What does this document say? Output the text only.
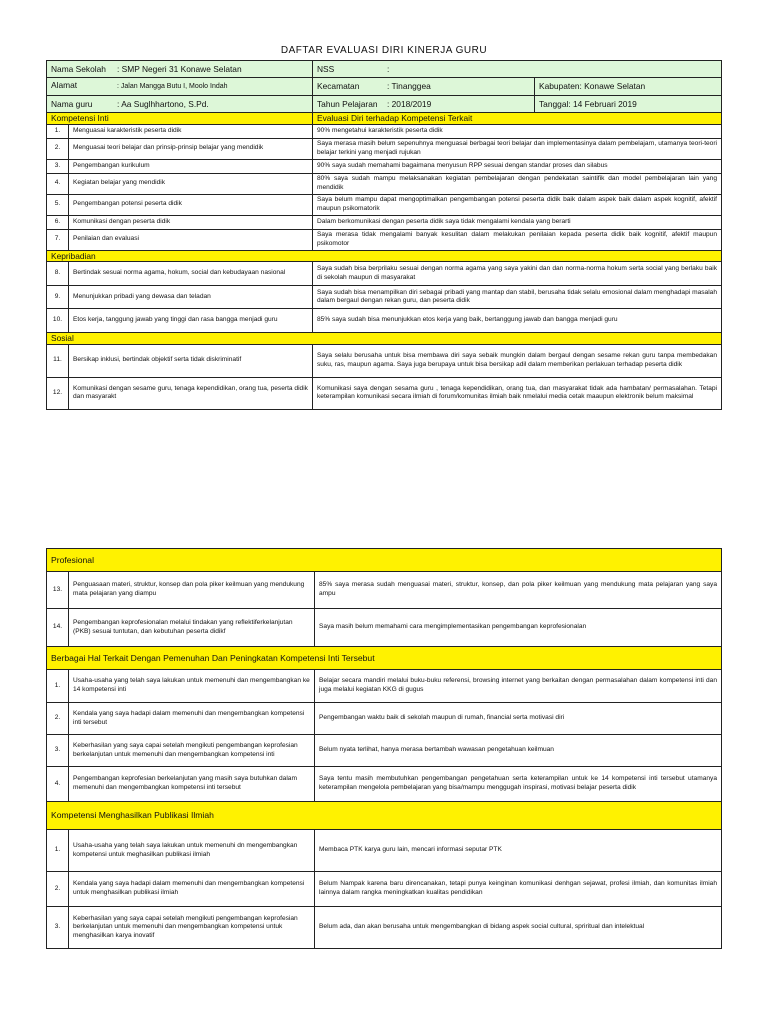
DAFTAR EVALUASI DIRI KINERJA GURU
Nama Sekolah : SMP Negeri 31 Konawe Selatan		NSS :	
Alamat : Jalan Mangga Butu I, Moolo Indah		Kecamatan : Tinanggea	Kabupaten: Konawe Selatan
Nama guru : Aa Suglhhartono, S.Pd.		Tahun Pelajaran : 2018/2019	Tanggal: 14 Februari 2019
Kompetensi Inti		Evaluasi Diri terhadap Kompetensi Terkait	
1.	Menguasai karakteristik peserta didik	90% mengetahui karakteristik peserta didik	
2.	Menguasai teori belajar dan prinsip-prinsip belajar yang mendidik	Saya merasa masih belum sepenuhnya menguasai berbagai teori belajar dan implementasinya dalam pembelajarn, utamanya teori-teori belajar terkini yang menjadi rujukan	
3.	Pengembangan kurikulum	90% saya sudah memahami bagaimana menyusun RPP sesuai dengan standar proses dan silabus	
4.	Kegiatan belajar yang mendidik	80% saya sudah mampu melaksanakan kegiatan pembelajaran dengan pendekatan saintifik dan model pembelajaran lain yang mendidik	
5.	Pengembangan potensi peserta didik	Saya belum mampu dapat mengoptimalkan pengembangan potensi peserta didik baik dalam aspek baik dalam aspek kognitif, afektif maupun psikomatorik	
6.	Komunikasi dengan peserta didik	Dalam berkomunikasi dengan peserta didik saya tidak mengalami kendala yang berarti	
7.	Penilaian dan evaluasi	Saya merasa tidak mengalami banyak kesulitan dalam melakukan penilaian kepada peserta didik baik kognitif, afektif maupun psikomotor	
Kepribadian			
8.	Bertindak sesuai norma agama, hokum, social dan kebudayaan nasional	Saya sudah bisa berprilaku sesuai dengan norma agama yang saya yakini dan dan norma-norma hokum serta social yang berlaku baik di sekolah maupun di masyarakat	
9.	Menunjukkan pribadi yang dewasa dan teladan	Saya sudah bisa menampilkan diri sebagai pribadi yang mantap dan stabil, berusaha tidak selalu emosional dalam menghadapi masalah dalam bergaul dengan rekan guru, dan peserta didik	
10.	Etos kerja, tanggung jawab yang tinggi dan rasa bangga menjadi guru	85% saya sudah bisa menunjukkan etos kerja yang baik, bertanggung jawab dan bangga menjadi guru	
Sosial			
11.	Bersikap inklusi, bertindak objektif serta tidak diskriminatif	Saya selalu berusaha untuk bisa membawa diri saya sebaik mungkin dalam bergaul dengan sesame rekan guru tanpa membedakan suku, ras, maupun agama. Saya juga berupaya untuk bisa bersikap adil dalam memberikan perlakuan terhadap peserta didik	
12.	Komunikasi dengan sesame guru, tenaga kependidikan, orang tua, peserta didik dan masyarakt	Komunikasi saya dengan sesama guru , tenaga kependidikan, orang tua, dan masyarakat tidak ada hambatan/ permasalahan. Tetapi keterampilan komunikasi secara ilmiah di forum/komunitas ilmiah baik nmelalui media cetak maaupun elektronik belum maksimal	
Profesional		
13.	Penguasaan materi, struktur, konsep dan pola piker keilmuan yang mendukung mata pelajaran yang diampu	85% saya merasa sudah menguasai materi, struktur, konsep, dan pola piker keilmuan yang mendukung mata pelajaran yang saya ampu
14.	Pengembangan keprofesionalan melalui tindakan yang reflektiferkelanjutan (PKB) sesuai tuntutan, dan kebutuhan peserta didikf	Saya masih belum memahami cara mengimplementasikan pengembangan keprofesionalan
Berbagai Hal Terkait Dengan Pemenuhan Dan Peningkatan Kompetensi Inti Tersebut		
1.	Usaha-usaha yang telah saya lakukan untuk memenuhi dan mengembangkan ke 14 kompetensi inti	Belajar secara mandiri melalui buku-buku referensi, browsing internet yang berkaitan dengan permasalahan dalam kompetensi inti dan juga melalui kegiatan KKG di gugus
2.	Kendala yang saya hadapi dalam memenuhi dan mengembangkan kompetensi inti tersebut	Pengembangan waktu baik di sekolah maupun di rumah, financial serta motivasi diri
3.	Keberhasilan yang saya capai setelah mengikuti pengembangan keprofesian berkelanjutan untuk memenuhi dan mengembangkan kompetensi inti	Belum nyata terlihat, hanya merasa bertambah wawasan pengetahuan keilmuan
4.	Pengembangan keprofesian berkelanjutan yang masih saya butuhkan dalam memenuhi dan mengembangkan kompetensi inti tersebut	Saya tentu masih membutuhkan pengembangan pengetahuan serta keterampilan untuk ke 14 kompetensi inti tersebut utamanya keterampilan mengelola pembelajaran yang bisa/mampu menggugah inspirasi, motivasi belajar peserta didik
Kompetensi Menghasilkan Publikasi Ilmiah		
1.	Usaha-usaha yang telah saya lakukan untuk memenuhi dn mengembangkan kompetensi untuk meghasilkan publikasi ilmiah	Membaca PTK karya guru lain, mencari informasi seputar PTK
2.	Kendala yang saya hadapi dalam memenuhi dan mengembangkan kompetensi untuk menghasilkan publikasi ilmiah	Belum Nampak karena baru direncanakan, tetapi punya keinginan komunikasi denhgan sejawat, profesi ilmiah, dan komunitas ilmiah lainnya dalam rangka meningkatkan kualitas pendidikan
3.	Keberhasilan yang saya capai setelah mengikuti pengembangan keprofesian berkelanjutan untuk memenuhi dan mengembangkan kompetensi untuk menghasilkan karya inovatif	Belum ada, dan akan berusaha untuk mengembangkan di bidang aspek social cultural, spriritual dan intelektual
